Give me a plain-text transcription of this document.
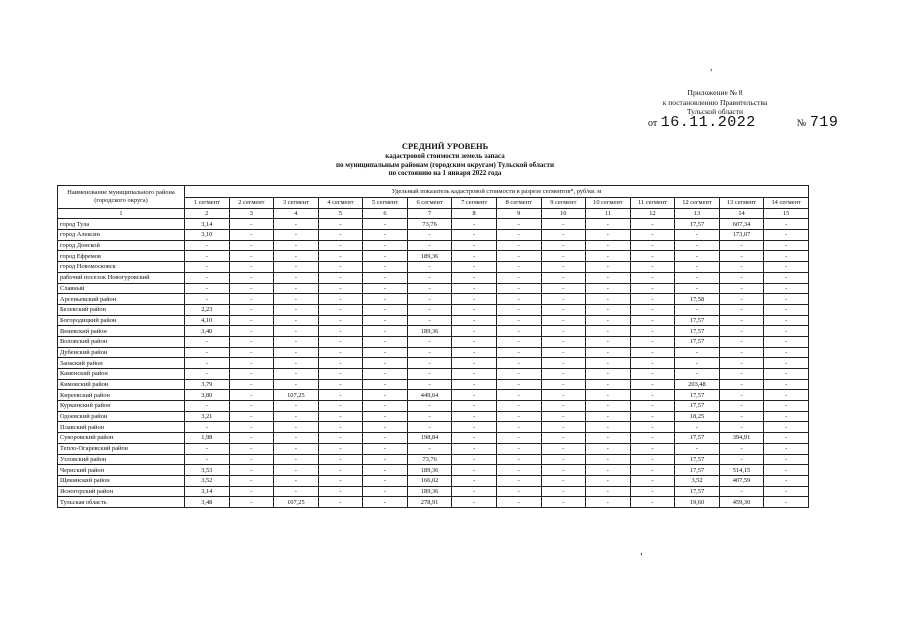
Приложение № 8
к постановлению Правительства
Тульской области
от 16.11.2022	№ 719
СРЕДНИЙ УРОВЕНЬ
кадастровой стоимости земель запаса
по муниципальным районам (городским округам) Тульской области
по состоянию на 1 января 2022 года
Наименование муниципального района (городского округа)	Удельный показатель кадастровой стоимости в разрезе сегментов*, руб/кв. м													
	1 сегмент	2 сегмент	3 сегмент	4 сегмент	5 сегмент	6 сегмент	7 сегмент	8 сегмент	9 сегмент	10 сегмент	11 сегмент	12 сегмент	13 сегмент	14 сегмент
1	2	3	4	5	6	7	8	9	10	11	12	13	14	15
город Тула	3,14	-	-	-	-	73,76	-	-	-	-	-	17,57	607,34	-
город Алексин	3,10	-	-	-	-	-	-	-	-	-	-	-	173,07	-
город Донской	-	-	-	-	-	-	-	-	-	-	-	-	-	-
город Ефремов	-	-	-	-	-	189,36	-	-	-	-	-	-	-	-
город Новомосковск	-	-	-	-	-	-	-	-	-	-	-	-	-	-
рабочий поселок Новогуровский	-	-	-	-	-	-	-	-	-	-	-	-	-	-
Славный	-	-	-	-	-	-	-	-	-	-	-	-	-	-
Арсеньевский район	-	-	-	-	-	-	-	-	-	-	-	17,58	-	-
Белевский район	2,23	-	-	-	-	-	-	-	-	-	-	-	-	-
Богородицкий район	4,10	-	-	-	-	-	-	-	-	-	-	17,57	-	-
Веневский район	3,40	-	-	-	-	189,36	-	-	-	-	-	17,57	-	-
Воловский район	-	-	-	-	-	-	-	-	-	-	-	17,57	-	-
Дубенский район	-	-	-	-	-	-	-	-	-	-	-	-	-	-
Заокский район	-	-	-	-	-	-	-	-	-	-	-	-	-	-
Каменский район	-	-	-	-	-	-	-	-	-	-	-	-	-	-
Кимовский район	3,79	-	-	-	-	-	-	-	-	-	-	203,48	-	-
Киреевский район	3,80	-	107,25	-	-	449,64	-	-	-	-	-	17,57	-	-
Куркинский район	-	-	-	-	-	-	-	-	-	-	-	17,57	-	-
Одоевский район	3,21	-	-	-	-	-	-	-	-	-	-	18,25	-	-
Плавский район	-	-	-	-	-	-	-	-	-	-	-	-	-	-
Суворовский район	1,98	-	-	-	-	198,84	-	-	-	-	-	17,57	394,91	-
Тепло-Огаревский район	-	-	-	-	-	-	-	-	-	-	-	-	-	-
Узловский район	-	-	-	-	-	73,76	-	-	-	-	-	17,57	-	-
Чернский район	3,53	-	-	-	-	189,36	-	-	-	-	-	17,57	514,15	-
Щекинский район	3,52	-	-	-	-	166,02	-	-	-	-	-	3,52	407,59	-
Ясногорский район	3,14	-	-	-	-	189,36	-	-	-	-	-	17,57	-	-
Тульская область	3,48	-	107,25	-	-	278,91	-	-	-	-	-	19,60	459,30	-
,
'
